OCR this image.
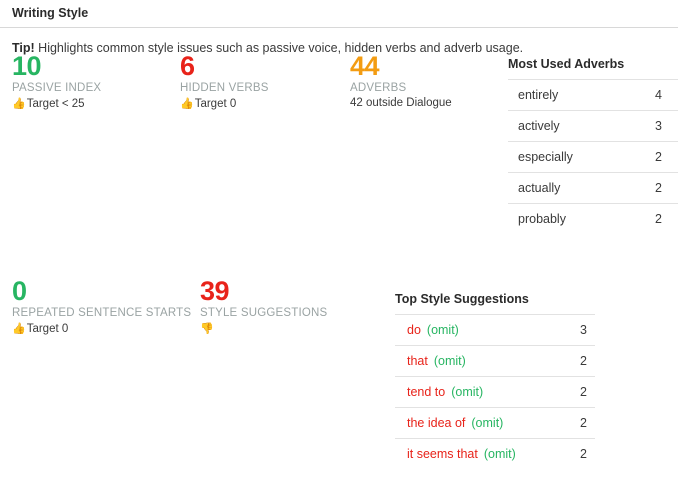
Writing Style
Tip! Highlights common style issues such as passive voice, hidden verbs and adverb usage.
10
PASSIVE INDEX
👍Target < 25
6
HIDDEN VERBS
👍Target 0
44
ADVERBS
42 outside Dialogue
0
REPEATED SENTENCE STARTS
👍Target 0
39
STYLE SUGGESTIONS
👎
Most Used Adverbs
entirely	4
actively	3
especially	2
actually	2
probably	2
Top Style Suggestions
do (omit)	3
that (omit)	2
tend to (omit)	2
the idea of (omit)	2
it seems that (omit)	2
